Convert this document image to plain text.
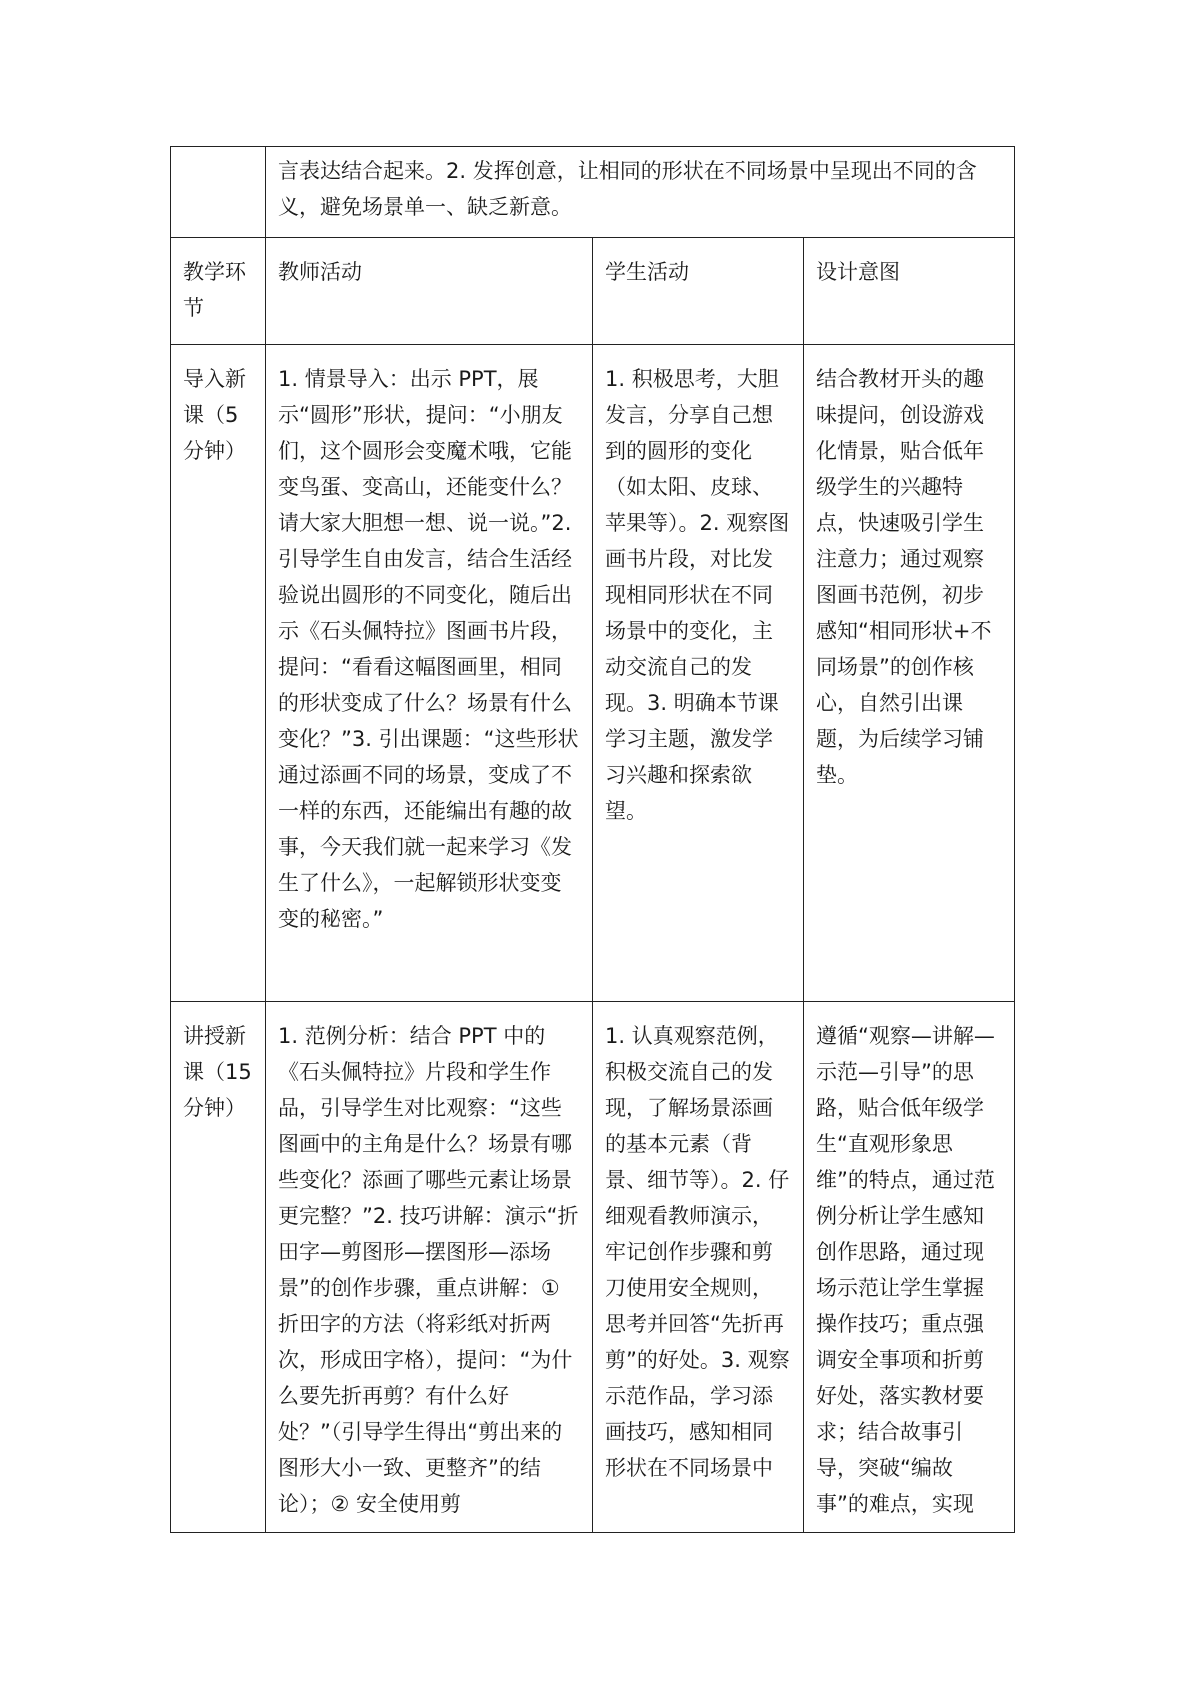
	言表达结合起来。2. 发挥创意，让相同的形状在不同场景中呈现出不同的含义，避免场景单一、缺乏新意。		
教学环节	教师活动	学生活动	设计意图
导入新课（5分钟）	1. 情景导入：出示 PPT，展示“圆形”形状，提问：“小朋友们，这个圆形会变魔术哦，它能变鸟蛋、变高山，还能变什么？请大家大胆想一想、说一说。”2. 引导学生自由发言，结合生活经验说出圆形的不同变化，随后出示《石头佩特拉》图画书片段，提问：“看看这幅图画里，相同的形状变成了什么？场景有什么变化？”3. 引出课题：“这些形状通过添画不同的场景，变成了不一样的东西，还能编出有趣的故事，今天我们就一起来学习《发生了什么》，一起解锁形状变变变的秘密。”	1. 积极思考，大胆发言，分享自己想到的圆形的变化（如太阳、皮球、苹果等）。2. 观察图画书片段，对比发现相同形状在不同场景中的变化，主动交流自己的发现。3. 明确本节课学习主题，激发学习兴趣和探索欲望。	结合教材开头的趣味提问，创设游戏化情景，贴合低年级学生的兴趣特点，快速吸引学生注意力；通过观察图画书范例，初步感知“相同形状+不同场景”的创作核心，自然引出课题，为后续学习铺垫。
讲授新课（15分钟）	1. 范例分析：结合 PPT 中的《石头佩特拉》片段和学生作品，引导学生对比观察：“这些图画中的主角是什么？场景有哪些变化？添画了哪些元素让场景更完整？”2. 技巧讲解：演示“折田字—剪图形—摆图形—添场景”的创作步骤，重点讲解：① 折田字的方法（将彩纸对折两次，形成田字格），提问：“为什么要先折再剪？有什么好处？”（引导学生得出“剪出来的图形大小一致、更整齐”的结论）；② 安全使用剪	1. 认真观察范例，积极交流自己的发现，了解场景添画的基本元素（背景、细节等）。2. 仔细观看教师演示，牢记创作步骤和剪刀使用安全规则，思考并回答“先折再剪”的好处。3. 观察示范作品，学习添画技巧，感知相同形状在不同场景中	遵循“观察—讲解—示范—引导”的思路，贴合低年级学生“直观形象思维”的特点，通过范例分析让学生感知创作思路，通过现场示范让学生掌握操作技巧；重点强调安全事项和折剪好处，落实教材要求；结合故事引导，突破“编故事”的难点，实现
